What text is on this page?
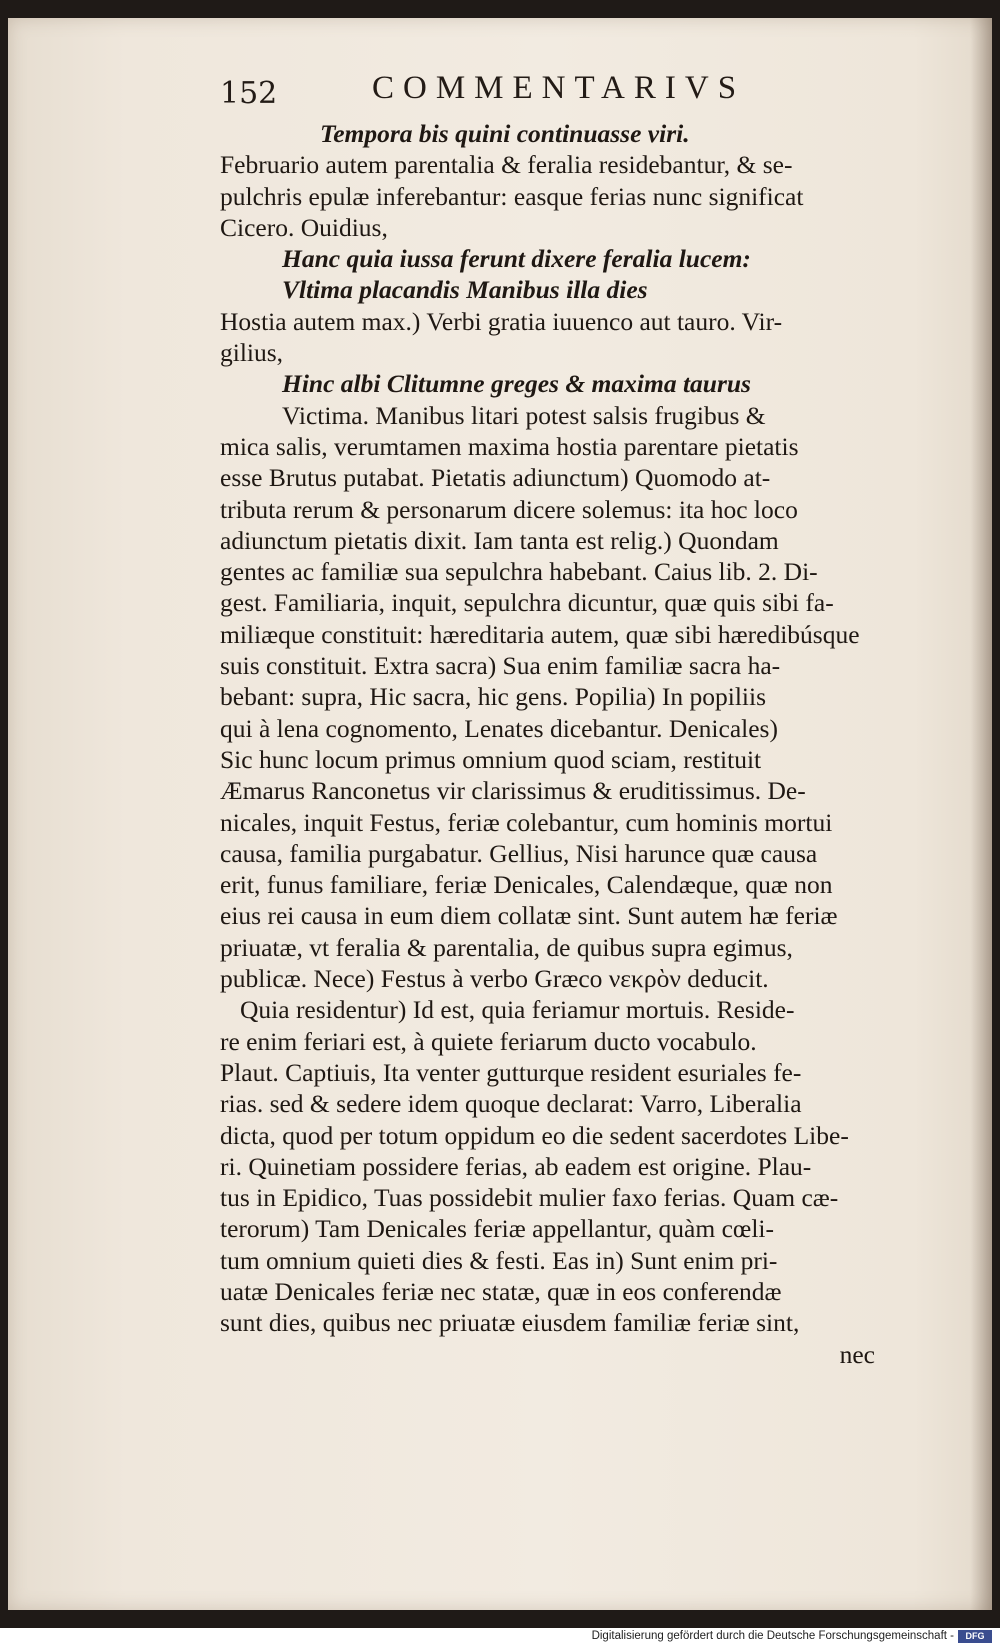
152	COMMENTARIVS
Tempora bis quini continuasse viri.
Februario autem parentalia & feralia residebantur, & se-
pulchris epulæ inferebantur: easque ferias nunc significat
Cicero. Ouidius,
Hanc quia iussa ferunt dixere feralia lucem:
Vltima placandis Manibus illa dies
Hostia autem max.) Verbi gratia iuuenco aut tauro. Vir-
gilius,
Hinc albi Clitumne greges & maxima taurus
Victima. Manibus litari potest salsis frugibus &
mica salis, verumtamen maxima hostia parentare pietatis
esse Brutus putabat. Pietatis adiunctum) Quomodo at-
tributa rerum & personarum dicere solemus: ita hoc loco
adiunctum pietatis dixit. Iam tanta est relig.) Quondam
gentes ac familiæ sua sepulchra habebant. Caius lib. 2. Di-
gest. Familiaria, inquit, sepulchra dicuntur, quæ quis sibi fa-
miliæque constituit: hæreditaria autem, quæ sibi hæredibúsque
suis constituit. Extra sacra) Sua enim familiæ sacra ha-
bebant: supra, Hic sacra, hic gens. Popilia) In popiliis
qui à lena cognomento, Lenates dicebantur. Denicales)
Sic hunc locum primus omnium quod sciam, restituit
Æmarus Ranconetus vir clarissimus & eruditissimus. De-
nicales, inquit Festus, feriæ colebantur, cum hominis mortui
causa, familia purgabatur. Gellius, Nisi harunce quæ causa
erit, funus familiare, feriæ Denicales, Calendæque, quæ non
eius rei causa in eum diem collatæ sint. Sunt autem hæ feriæ
priuatæ, vt feralia & parentalia, de quibus supra egimus,
publicæ. Nece) Festus à verbo Græco νεκρὸν deducit.
Quia residentur) Id est, quia feriamur mortuis. Reside-
re enim feriari est, à quiete feriarum ducto vocabulo.
Plaut. Captiuis, Ita venter gutturque resident esuriales fe-
rias. sed & sedere idem quoque declarat: Varro, Liberalia
dicta, quod per totum oppidum eo die sedent sacerdotes Libe-
ri. Quinetiam possidere ferias, ab eadem est origine. Plau-
tus in Epidico, Tuas possidebit mulier faxo ferias. Quam cæ-
terorum) Tam Denicales feriæ appellantur, quàm cœli-
tum omnium quieti dies & festi. Eas in) Sunt enim pri-
uatæ Denicales feriæ nec statæ, quæ in eos conferendæ
sunt dies, quibus nec priuatæ eiusdem familiæ feriæ sint,
nec
Digitalisierung gefördert durch die Deutsche Forschungsgemeinschaft -	DFG
